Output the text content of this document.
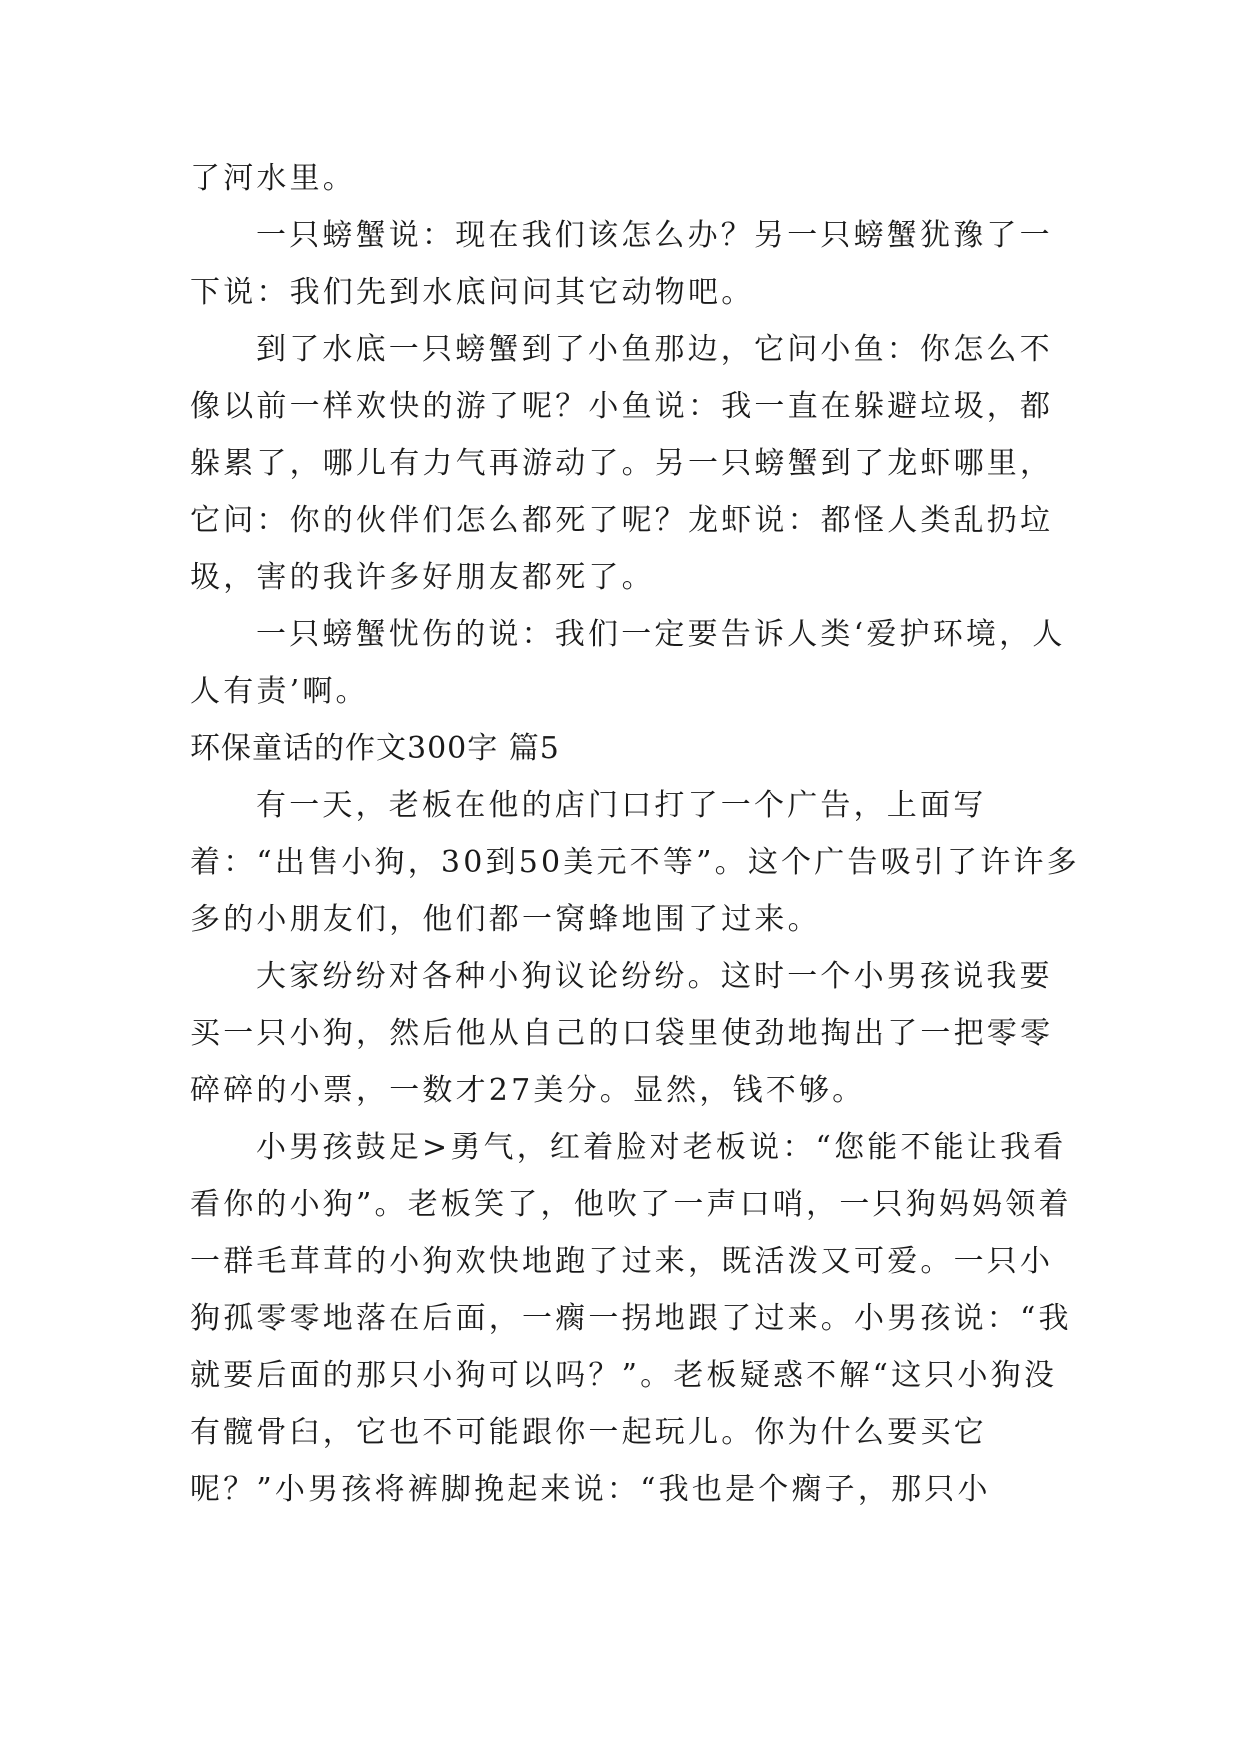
了河水里。

一只螃蟹说：现在我们该怎么办？另一只螃蟹犹豫了一下说：我们先到水底问问其它动物吧。

到了水底一只螃蟹到了小鱼那边，它问小鱼：你怎么不像以前一样欢快的游了呢？小鱼说：我一直在躲避垃圾，都躲累了，哪儿有力气再游动了。另一只螃蟹到了龙虾哪里，它问：你的伙伴们怎么都死了呢？龙虾说：都怪人类乱扔垃圾，害的我许多好朋友都死了。

一只螃蟹忧伤的说：我们一定要告诉人类‘爱护环境，人人有责’啊。

环保童话的作文300字 篇5

有一天，老板在他的店门口打了一个广告，上面写着：“出售小狗，30到50美元不等”。这个广告吸引了许许多多的小朋友们，他们都一窝蜂地围了过来。

大家纷纷对各种小狗议论纷纷。这时一个小男孩说我要买一只小狗，然后他从自己的口袋里使劲地掏出了一把零零碎碎的小票，一数才27美分。显然，钱不够。

小男孩鼓足>勇气，红着脸对老板说：“您能不能让我看看你的小狗”。老板笑了，他吹了一声口哨，一只狗妈妈领着一群毛茸茸的小狗欢快地跑了过来，既活泼又可爱。一只小狗孤零零地落在后面，一瘸一拐地跟了过来。小男孩说：“我就要后面的那只小狗可以吗？”。老板疑惑不解“这只小狗没有髋骨臼，它也不可能跟你一起玩儿。你为什么要买它呢？”小男孩将裤脚挽起来说：“我也是个瘸子，那只小
